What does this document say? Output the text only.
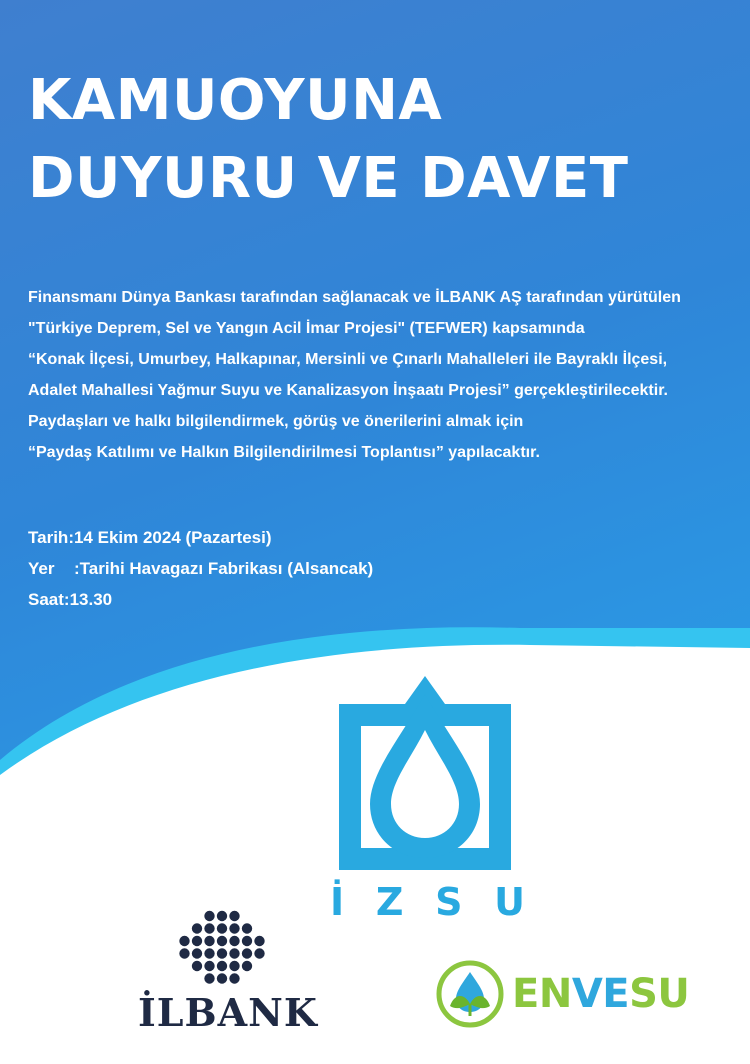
KAMUOYUNA
DUYURU VE DAVET

Finansmanı Dünya Bankası tarafından sağlanacak ve İLBANK AŞ tarafından yürütülen

"Türkiye Deprem, Sel ve Yangın Acil İmar Projesi" (TEFWER) kapsamında

“Konak İlçesi, Umurbey, Halkapınar, Mersinli ve Çınarlı Mahalleleri ile Bayraklı İlçesi,

Adalet Mahallesi Yağmur Suyu ve Kanalizasyon İnşaatı Projesi” gerçekleştirilecektir.

Paydaşları ve halkı bilgilendirmek, görüş ve önerilerini almak için

“Paydaş Katılımı ve Halkın Bilgilendirilmesi Toplantısı” yapılacaktır.

Tarih :14 Ekim 2024 (Pazartesi)
Yer	:Tarihi Havagazı Fabrikası (Alsancak)
Saat :13.30
İ Z S U
İLBANK	ENVESU
